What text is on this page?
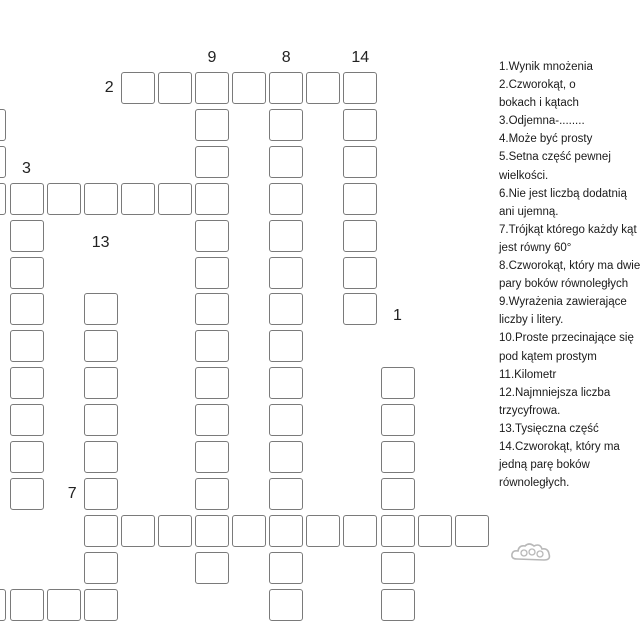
2
9	8	14
3
13
1
7
1.Wynik mnożenia
2.Czworokąt, o
bokach i kątach
3.Odjemna-........
4.Może być prosty
5.Setna część pewnej
wielkości.
6.Nie jest liczbą dodatnią
ani ujemną.
7.Trójkąt którego każdy kąt
jest równy 60°
8.Czworokąt, który ma dwie
pary boków równoległych
9.Wyrażenia zawierające
liczby i litery.
10.Proste przecinające się
pod kątem prostym
11.Kilometr
12.Najmniejsza liczba
trzycyfrowa.
13.Tysięczna część
14.Czworokąt, który ma
jedną parę boków
równoległych.
